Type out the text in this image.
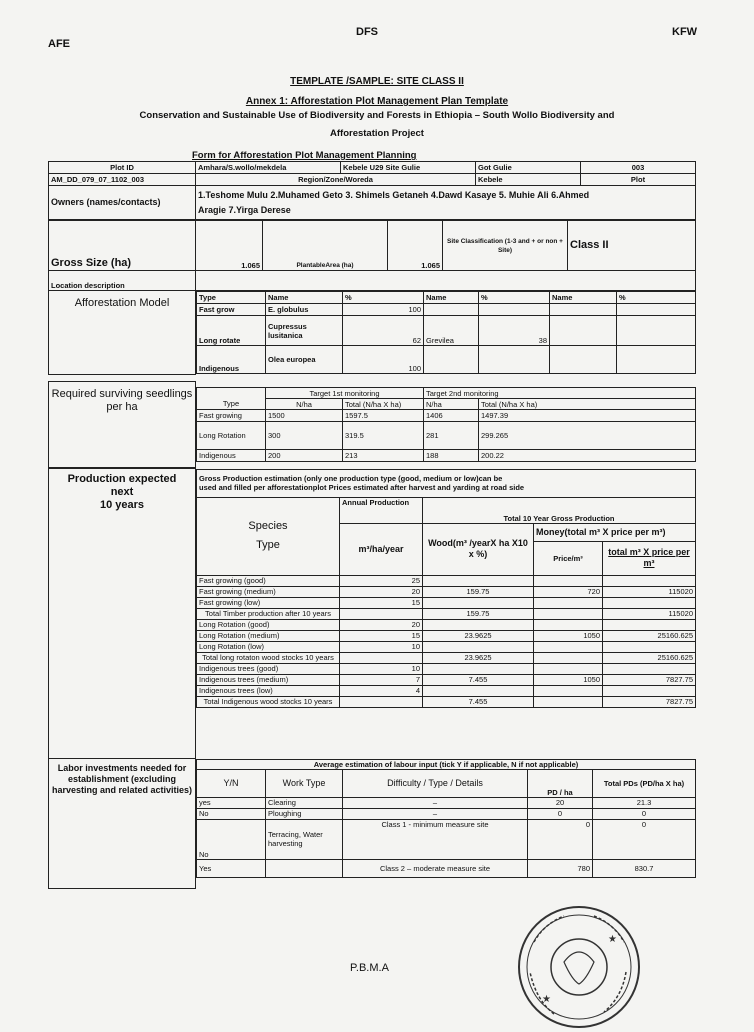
AFE
DFS	KFW
TEMPLATE /SAMPLE: SITE CLASS II
Annex 1: Afforestation Plot Management Plan Template
Conservation and Sustainable Use of Biodiversity and Forests in Ethiopia – South Wollo Biodiversity and
Afforestation Project
Form for Afforestation Plot Management Planning
Plot ID	Amhara/S.wollo/mekdela	Kebele U29 Site Gulie	Got Gulie	003
AM_DD_079_07_1102_003	Region/Zone/Woreda		Kebele	Plot
Owners (names/contacts)	1.Teshome Mulu 2.Muhamed Geto 3. Shimels Getaneh 4.Dawd Kasaye 5. Muhie Ali 6.Ahmed
Aragie 7.Yirga Derese			
Gross Size (ha)	1.065	PlantableArea (ha)	1.065	Site Classification (1-3 and + or non + Site)	Class II
Location description					
Afforestation Model		Type	Name	%	Name	%	Name	%
Fast grow	E. globulus	100				
Long rotate	Cupressus lusitanica	62	Grevilea	38		
Indigenous	Olea europea	100				
Required surviving seedlings per ha	
	Target 1st monitoring	Target 2nd monitoring
Type	N/ha	Total (N/ha X ha)	N/ha	Total (N/ha X ha)
Fast growing	1500	1597.5	1406	1497.39
Long Rotation	300	319.5	281	299.265
Indigenous	200	213	188	200.22
Production expected
next
10 years

Gross Production estimation (only one production type (good, medium or low)can be
used and filled per afforestationplot Prices estimated after harvest and yarding at road side

Species
Type
	Annual Production	Total 10 Year Gross Production
m³/ha/year	Wood(m³ /yearX ha X10 x %)	Money(total m³ X price per m³)
Price/m³	total m³ X price per m³
Fast growing (good)	25			
Fast growing (medium)	20	159.75	720	115020
Fast growing (low)	15			
Total Timber production after 10 years		159.75		115020
Long Rotation (good)	20			
Long Rotation (medium)	15	23.9625	1050	25160.625
Long Rotation (low)	10			
Total long rotaton wood stocks 10 years		23.9625		25160.625
Indigenous trees (good)	10			
Indigenous trees (medium)	7	7.455	1050	7827.75
Indigenous trees (low)	4			
Total Indigenous wood stocks 10 years		7.455		7827.75
Labor investments needed for establishment (excluding harvesting and related activities)	
Average estimation of labour input (tick Y if applicable, N if not applicable)
Y/N	Work Type	Difficulty / Type / Details	PD / ha	Total PDs (PD/ha X ha)
yes	Clearing	–	20	21.3
No	Ploughing	–	0	0
No	Terracing, Water harvesting	Class 1 - minimum measure site	0	0
Yes		Class 2 – moderate measure site	780	830.7
P.B.M.A
★
★
